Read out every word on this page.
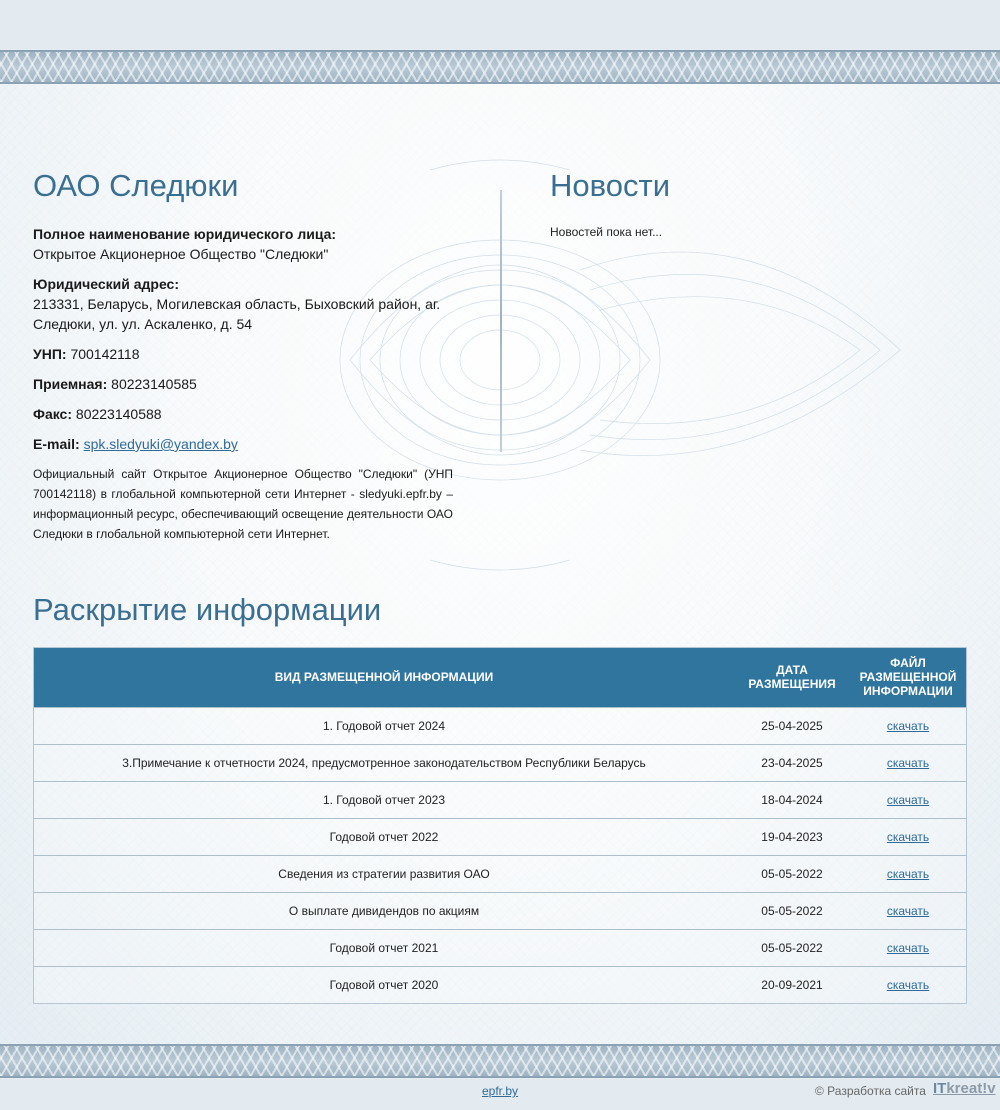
ОАО Следюки
Полное наименование юридического лица:
Открытое Акционерное Общество "Следюки"
Юридический адрес:
213331, Беларусь, Могилевская область, Быховский район, аг. Следюки, ул. ул. Аскаленко, д. 54
УНП: 700142118
Приемная: 80223140585
Факс: 80223140588
E-mail: spk.sledyuki@yandex.by
Официальный сайт Открытое Акционерное Общество "Следюки" (УНП 700142118) в глобальной компьютерной сети Интернет - sledyuki.epfr.by – информационный ресурс, обеспечивающий освещение деятельности ОАО Следюки в глобальной компьютерной сети Интернет.
Новости
Новостей пока нет...
Раскрытие информации
ВИД РАЗМЕЩЕННОЙ ИНФОРМАЦИИ	ДАТА РАЗМЕЩЕНИЯ	ФАЙЛ РАЗМЕЩЕННОЙ ИНФОРМАЦИИ
1. Годовой отчет 2024	25-04-2025	скачать
3.Примечание к отчетности 2024, предусмотренное законодательством Республики Беларусь	23-04-2025	скачать
1. Годовой отчет 2023	18-04-2024	скачать
Годовой отчет 2022	19-04-2023	скачать
Сведения из стратегии развития ОАО	05-05-2022	скачать
О выплате дивидендов по акциям	05-05-2022	скачать
Годовой отчет 2021	05-05-2022	скачать
Годовой отчет 2020	20-09-2021	скачать
epfr.by	© Разработка сайта ITkreat!v
